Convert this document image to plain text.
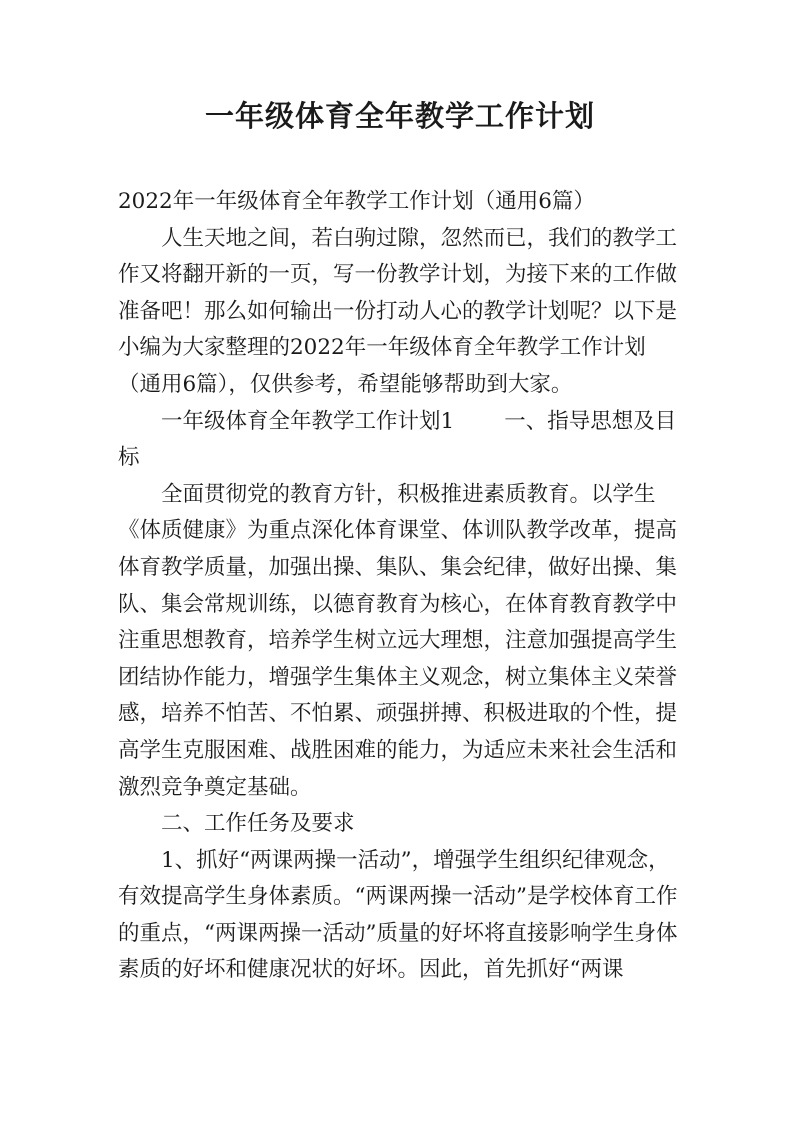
一年级体育全年教学工作计划

2022年一年级体育全年教学工作计划（通用6篇）

人生天地之间，若白驹过隙，忽然而已，我们的教学工作又将翻开新的一页，写一份教学计划，为接下来的工作做准备吧！那么如何输出一份打动人心的教学计划呢？以下是小编为大家整理的2022年一年级体育全年教学工作计划（通用6篇），仅供参考，希望能够帮助到大家。

一年级体育全年教学工作计划1 一、指导思想及目标

全面贯彻党的教育方针，积极推进素质教育。以学生《体质健康》为重点深化体育课堂、体训队教学改革，提高体育教学质量，加强出操、集队、集会纪律，做好出操、集队、集会常规训练，以德育教育为核心，在体育教育教学中注重思想教育，培养学生树立远大理想，注意加强提高学生团结协作能力，增强学生集体主义观念，树立集体主义荣誉感，培养不怕苦、不怕累、顽强拼搏、积极进取的个性，提高学生克服困难、战胜困难的能力，为适应未来社会生活和激烈竞争奠定基础。

二、工作任务及要求

1、抓好“两课两操一活动”，增强学生组织纪律观念，有效提高学生身体素质。“两课两操一活动”是学校体育工作的重点，“两课两操一活动”质量的好坏将直接影响学生身体素质的好坏和健康况状的好坏。因此，首先抓好“两课
